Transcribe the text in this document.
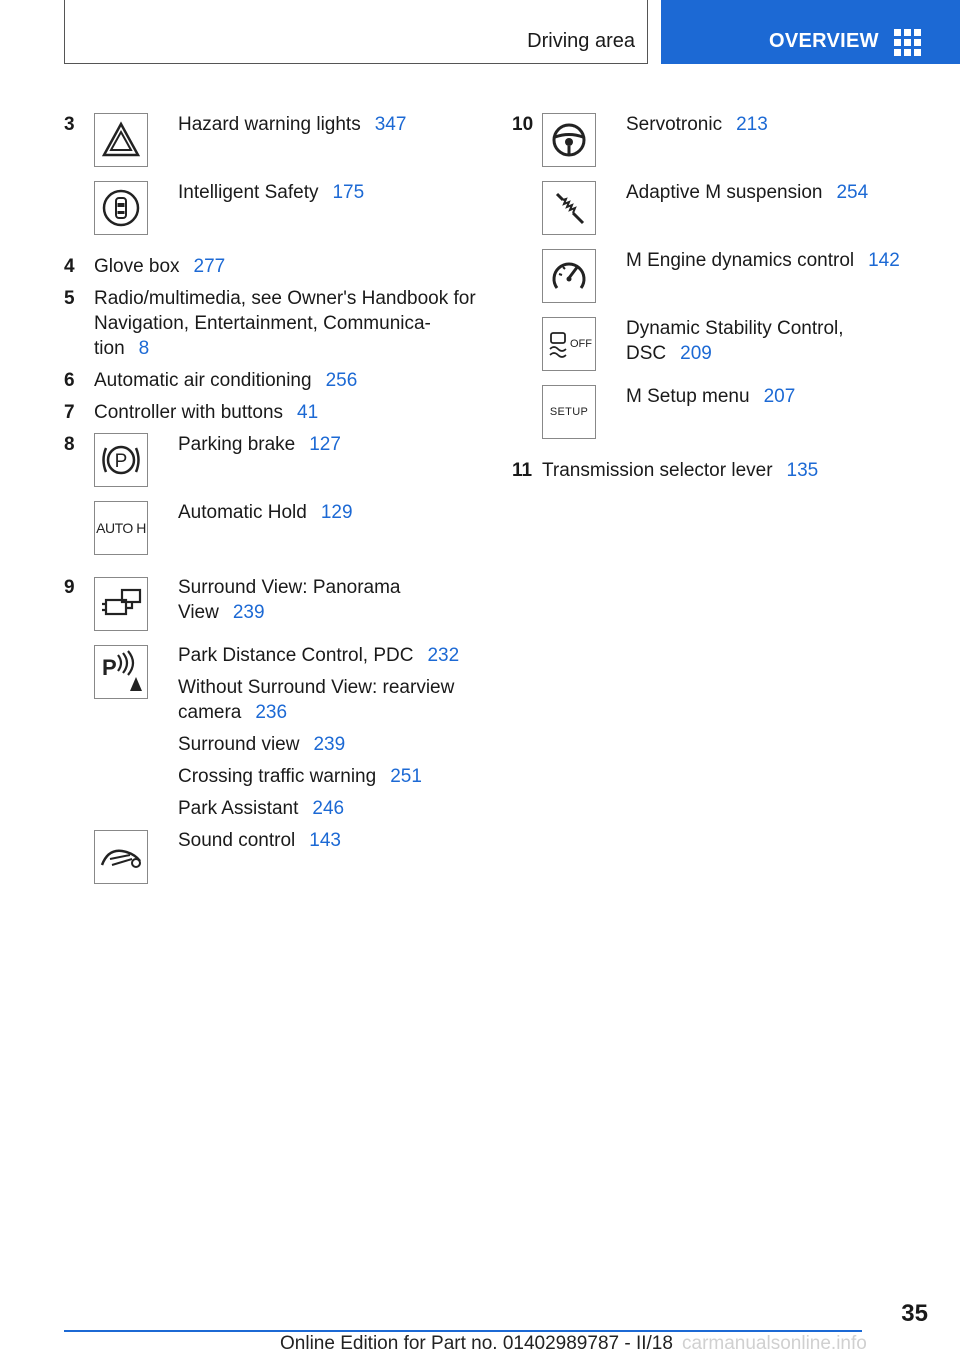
Driving area	OVERVIEW
3	Hazard warning lights 347
Intelligent Safety 175
4 Glove box 277
5 Radio/multimedia, see Owner's Handbook for
Navigation, Entertainment, Communica-
tion 8
6 Automatic air conditioning 256
7 Controller with buttons 41
8
P
Parking brake 127
AUTO H
Automatic Hold 129
9	Surround View: Panorama
View 239
P	Park Distance Control, PDC 232
Without Surround View: rearview
camera 236
Surround view 239
Crossing traffic warning 251
Park Assistant 246
Sound control 143
10	Servotronic 213
Adaptive M suspension 254
M Engine dynamics control 142
OFF
Dynamic Stability Control,
DSC 209
SETUP
M Setup menu 207
11 Transmission selector lever 135
35
Online Edition for Part no. 01402989787 - II/18 carmanualsonline.info
